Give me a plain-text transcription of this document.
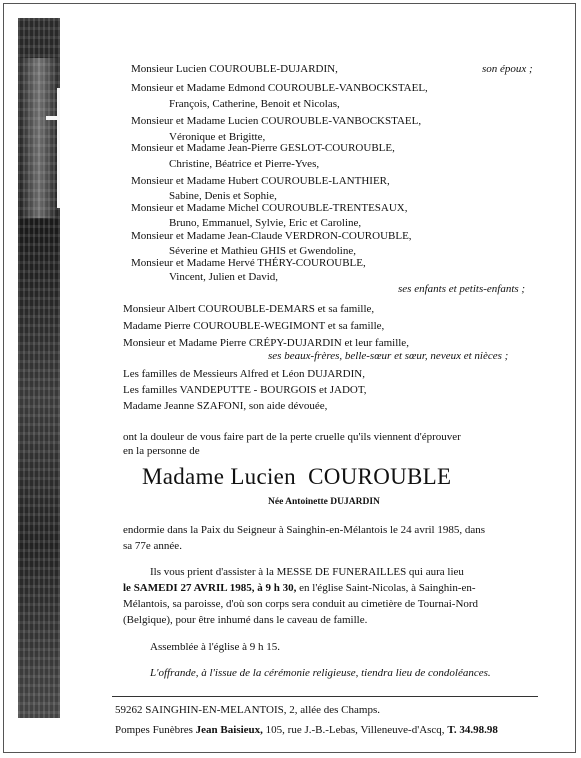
Monsieur Lucien COUROUBLE-DUJARDIN,	son époux ;
Monsieur et Madame Edmond COUROUBLE-VANBOCKSTAEL,
François, Catherine, Benoit et Nicolas,
Monsieur et Madame Lucien COUROUBLE-VANBOCKSTAEL,
Véronique et Brigitte,
Monsieur et Madame Jean-Pierre GESLOT-COUROUBLE,
Christine, Béatrice et Pierre-Yves,
Monsieur et Madame Hubert COUROUBLE-LANTHIER,
Sabine, Denis et Sophie,
Monsieur et Madame Michel COUROUBLE-TRENTESAUX,
Bruno, Emmanuel, Sylvie, Eric et Caroline,
Monsieur et Madame Jean-Claude VERDRON-COUROUBLE,
Séverine et Mathieu GHIS et Gwendoline,
Monsieur et Madame Hervé THÉRY-COUROUBLE,
Vincent, Julien et David,
ses enfants et petits-enfants ;
Monsieur Albert COUROUBLE-DEMARS et sa famille,
Madame Pierre COUROUBLE-WEGIMONT et sa famille,
Monsieur et Madame Pierre CRÉPY-DUJARDIN et leur famille,
ses beaux-frères, belle-sœur et sœur, neveux et nièces ;
Les familles de Messieurs Alfred et Léon DUJARDIN,
Les familles VANDEPUTTE - BOURGOIS et JADOT,
Madame Jeanne SZAFONI, son aide dévouée,
ont la douleur de vous faire part de la perte cruelle qu'ils viennent d'éprouver
en la personne de
Madame Lucien COUROUBLE
Née Antoinette DUJARDIN
endormie dans la Paix du Seigneur à Sainghin-en-Mélantois le 24 avril 1985, dans
sa 77e année.
Ils vous prient d'assister à la MESSE DE FUNERAILLES qui aura lieu
le SAMEDI 27 AVRIL 1985, à 9 h 30, en l'église Saint-Nicolas, à Sainghin-en-
Mélantois, sa paroisse, d'où son corps sera conduit au cimetière de Tournai-Nord
(Belgique), pour être inhumé dans le caveau de famille.
Assemblée à l'église à 9 h 15.
L'offrande, à l'issue de la cérémonie religieuse, tiendra lieu de condoléances.
59262 SAINGHIN-EN-MELANTOIS, 2, allée des Champs.
Pompes Funèbres Jean Baisieux, 105, rue J.-B.-Lebas, Villeneuve-d'Ascq, T. 34.98.98
